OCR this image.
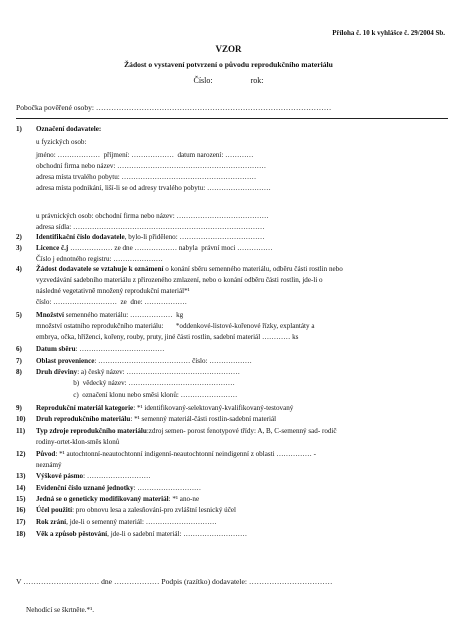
Příloha č. 10 k vyhlášce č. 29/2004 Sb.
VZOR
Žádost o vystavení potvrzení o původu reprodukčního materiálu
Číslo:	rok:
Pobočka pověřené osoby: …………………………………………………………………………………
1) Označení dodavatele:
u fyzických osob:
jméno: ………………  příjmení: ………………  datum narození: …………
obchodní firma nebo název: ………………………………………………………
adresa místa trvalého pobytu: …………………………………………………
adresa místa podnikání, liší-li se od adresy trvalého pobytu: ………………………
u právnických osob: obchodní firma nebo název: …………………………………
adresa sídla: ………………………………………………………………………
2) Identifikační číslo dodavatele, bylo-li přiděleno: ………………………………
3) Licence č.j ……………… ze dne ……………… nabyla  právní moci ……………
Číslo j ednotného registru: …………………
4) Žádost dodavatele se vztahuje k oznámení o konání sběru semenného materiálu, odběru části rostlin nebo
vyzvedávání sadebního materiálu z přirozeného zmlazení, nebo o konání odběru části rostlin, jde-li o
následné vegetativně množený reprodukční materiál*¹
číslo: ………………………  ze  dne: ………………
5) Množství semenného materiálu: ………………  kg
množství ostatního reprodukčního materiálu:       *oddenkové-listové-kořenové řízky, explantáty a
embrya, očka, hříženci, kořeny, rouby, pruty, jiné části rostlin, sadební materiál ………… ks
6) Datum sběru: ………………………………
7) Oblast provenience: ………………………………… číslo: ………………
8) Druh dřeviny: a) český název: …………………………………………
b)  vědecký název: ………………………………………
c)  označení klonu nebo směsi klonů: ……………………
9) Reprodukční materiál kategorie: *¹ identifikovaný-selektovaný-kvalifikovaný-testovaný
10) Druh reprodukčního materiálu: *¹ semenný materiál-části rostlin-sadební materiál
11) Typ zdroje reprodukčního materiálu:zdroj semen- porost fenotypové třídy: A, B, C-semenný sad- rodič
rodiny-ortet-klon-směs klonů
12) Původ: *¹ autochtonní-neautochtonní indigenní-neautochtonní neindigenní z oblasti …………… -
neznámý
13) Výškové pásmo: ………………………
14) Evidenční číslo uznané jednotky: ………………………
15) Jedná se o geneticky modifikovaný materiál: *¹ ano-ne
16) Účel použití: pro obnovu lesa a zalesňování-pro zvláštní lesnický účel
17) Rok zrání, jde-li o semenný materiál: …………………………
18) Věk a způsob pěstování, jde-li o sadební materiál: ………………………
V ………………………… dne ……………… Podpis (razítko) dodavatele: ……………………………
Nehodící se škrtněte.*¹.
